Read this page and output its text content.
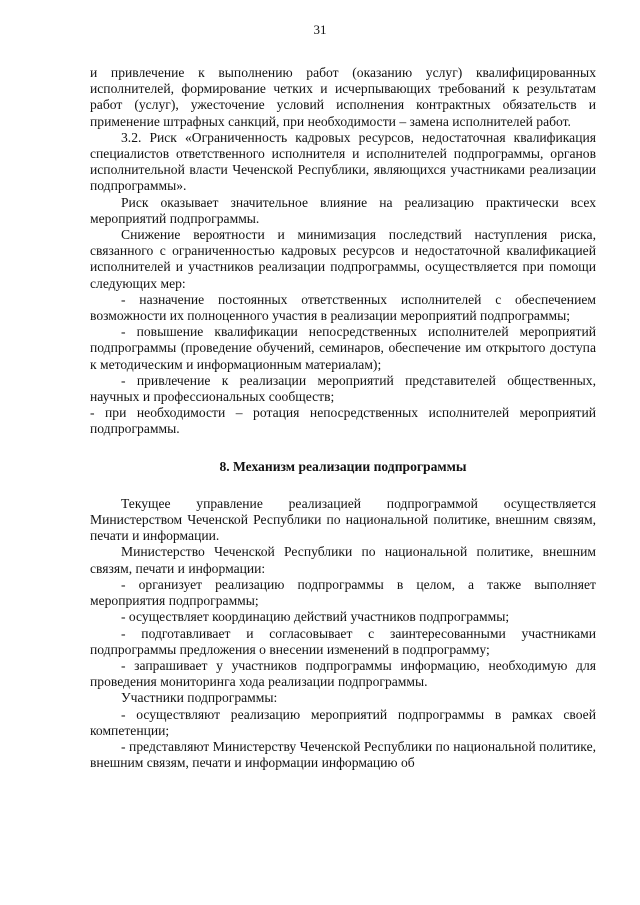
31

и привлечение к выполнению работ (оказанию услуг) квалифицированных исполнителей, формирование четких и исчерпывающих требований к результатам работ (услуг), ужесточение условий исполнения контрактных обязательств и применение штрафных санкций, при необходимости – замена исполнителей работ.

3.2. Риск «Ограниченность кадровых ресурсов, недостаточная квалификация специалистов ответственного исполнителя и исполнителей подпрограммы, органов исполнительной власти Чеченской Республики, являющихся участниками реализации подпрограммы».

Риск оказывает значительное влияние на реализацию практически всех мероприятий подпрограммы.

Снижение вероятности и минимизация последствий наступления риска, связанного с ограниченностью кадровых ресурсов и недостаточной квалификацией исполнителей и участников реализации подпрограммы, осуществляется при помощи следующих мер:

- назначение постоянных ответственных исполнителей с обеспечением возможности их полноценного участия в реализации мероприятий подпрограммы;

- повышение квалификации непосредственных исполнителей мероприятий подпрограммы (проведение обучений, семинаров, обеспечение им открытого доступа к методическим и информационным материалам);

- привлечение к реализации мероприятий представителей общественных, научных и профессиональных сообществ;

- при необходимости – ротация непосредственных исполнителей мероприятий подпрограммы.

8. Механизм реализации подпрограммы

Текущее управление реализацией подпрограммой осуществляется Министерством Чеченской Республики по национальной политике, внешним связям, печати и информации.

Министерство Чеченской Республики по национальной политике, внешним связям, печати и информации:

- организует реализацию подпрограммы в целом, а также выполняет мероприятия подпрограммы;

- осуществляет координацию действий участников подпрограммы;

- подготавливает и согласовывает с заинтересованными участниками подпрограммы предложения о внесении изменений в подпрограмму;

- запрашивает у участников подпрограммы информацию, необходимую для проведения мониторинга хода реализации подпрограммы.

Участники подпрограммы:

- осуществляют реализацию мероприятий подпрограммы в рамках своей компетенции;

- представляют Министерству Чеченской Республики по национальной политике, внешним связям, печати и информации информацию об
